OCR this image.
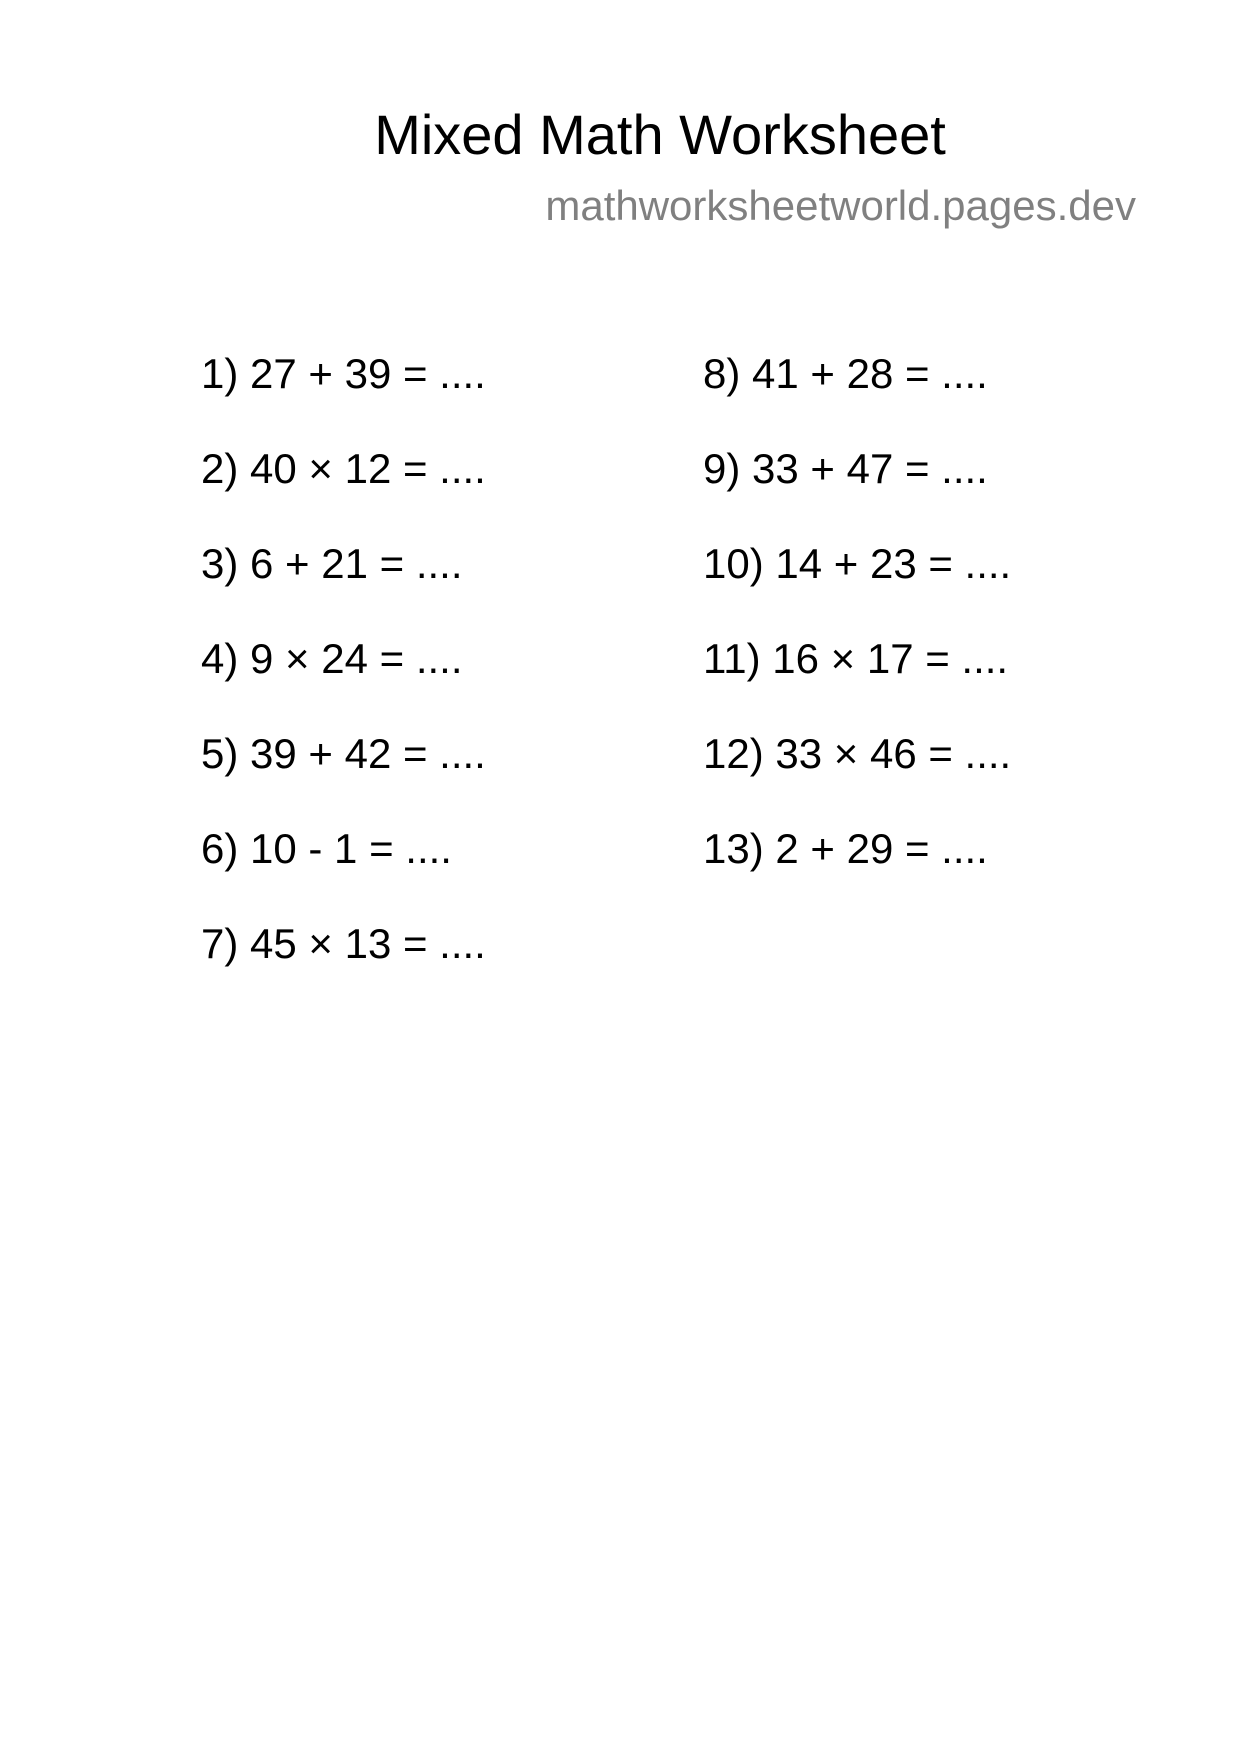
Mixed Math Worksheet
mathworksheetworld.pages.dev
1) 27 + 39 = ....
2) 40 × 12 = ....
3) 6 + 21 = ....
4) 9 × 24 = ....
5) 39 + 42 = ....
6) 10 - 1 = ....
7) 45 × 13 = ....
8) 41 + 28 = ....
9) 33 + 47 = ....
10) 14 + 23 = ....
11) 16 × 17 = ....
12) 33 × 46 = ....
13) 2 + 29 = ....
